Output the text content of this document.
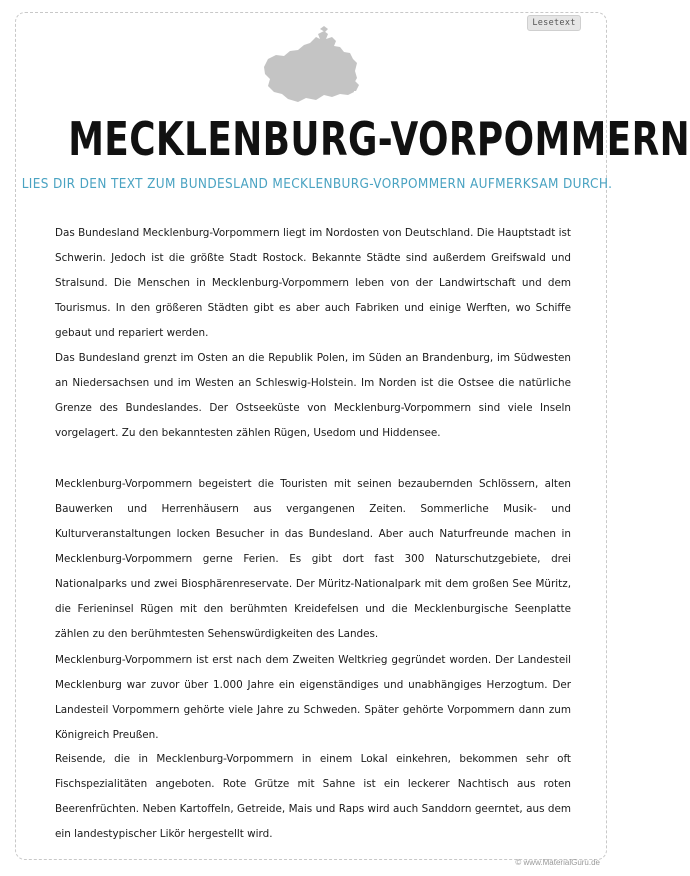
Lesetext
MECKLENBURG-VORPOMMERN
LIES DIR DEN TEXT ZUM BUNDESLAND MECKLENBURG-VORPOMMERN AUFMERKSAM DURCH.

Das Bundesland Mecklenburg-Vorpommern liegt im Nordosten von Deutschland. Die Hauptstadt ist Schwerin. Jedoch ist die größte Stadt Rostock. Bekannte Städte sind außerdem Greifswald und Stralsund. Die Menschen in Mecklenburg-Vorpommern leben von der Landwirtschaft und dem Tourismus. In den größeren Städten gibt es aber auch Fabriken und einige Werften, wo Schiffe gebaut und repariert werden.

Das Bundesland grenzt im Osten an die Republik Polen, im Süden an Brandenburg, im Südwesten an Niedersachsen und im Westen an Schleswig-Holstein. Im Norden ist die Ostsee die natürliche Grenze des Bundeslandes. Der Ostseeküste von Mecklenburg-Vorpommern sind viele Inseln vorgelagert. Zu den bekanntesten zählen Rügen, Usedom und Hiddensee.

Mecklenburg-Vorpommern begeistert die Touristen mit seinen bezaubernden Schlössern, alten Bauwerken und Herrenhäusern aus vergangenen Zeiten. Sommerliche Musik- und Kulturveranstaltungen locken Besucher in das Bundesland. Aber auch Naturfreunde machen in Mecklenburg-Vorpommern gerne Ferien. Es gibt dort fast 300 Naturschutzgebiete, drei Nationalparks und zwei Biosphärenreservate. Der Müritz-Nationalpark mit dem großen See Müritz, die Ferieninsel Rügen mit den berühmten Kreidefelsen und die Mecklenburgische Seenplatte zählen zu den berühmtesten Sehenswürdigkeiten des Landes.

Mecklenburg-Vorpommern ist erst nach dem Zweiten Weltkrieg gegründet worden. Der Landesteil Mecklenburg war zuvor über 1.000 Jahre ein eigenständiges und unabhängiges Herzogtum. Der Landesteil Vorpommern gehörte viele Jahre zu Schweden. Später gehörte Vorpommern dann zum Königreich Preußen.

Reisende, die in Mecklenburg-Vorpommern in einem Lokal einkehren, bekommen sehr oft Fischspezialitäten angeboten. Rote Grütze mit Sahne ist ein leckerer Nachtisch aus roten Beerenfrüchten. Neben Kartoffeln, Getreide, Mais und Raps wird auch Sanddorn geerntet, aus dem ein landestypischer Likör hergestellt wird.

© www.MaterialGuru.de
